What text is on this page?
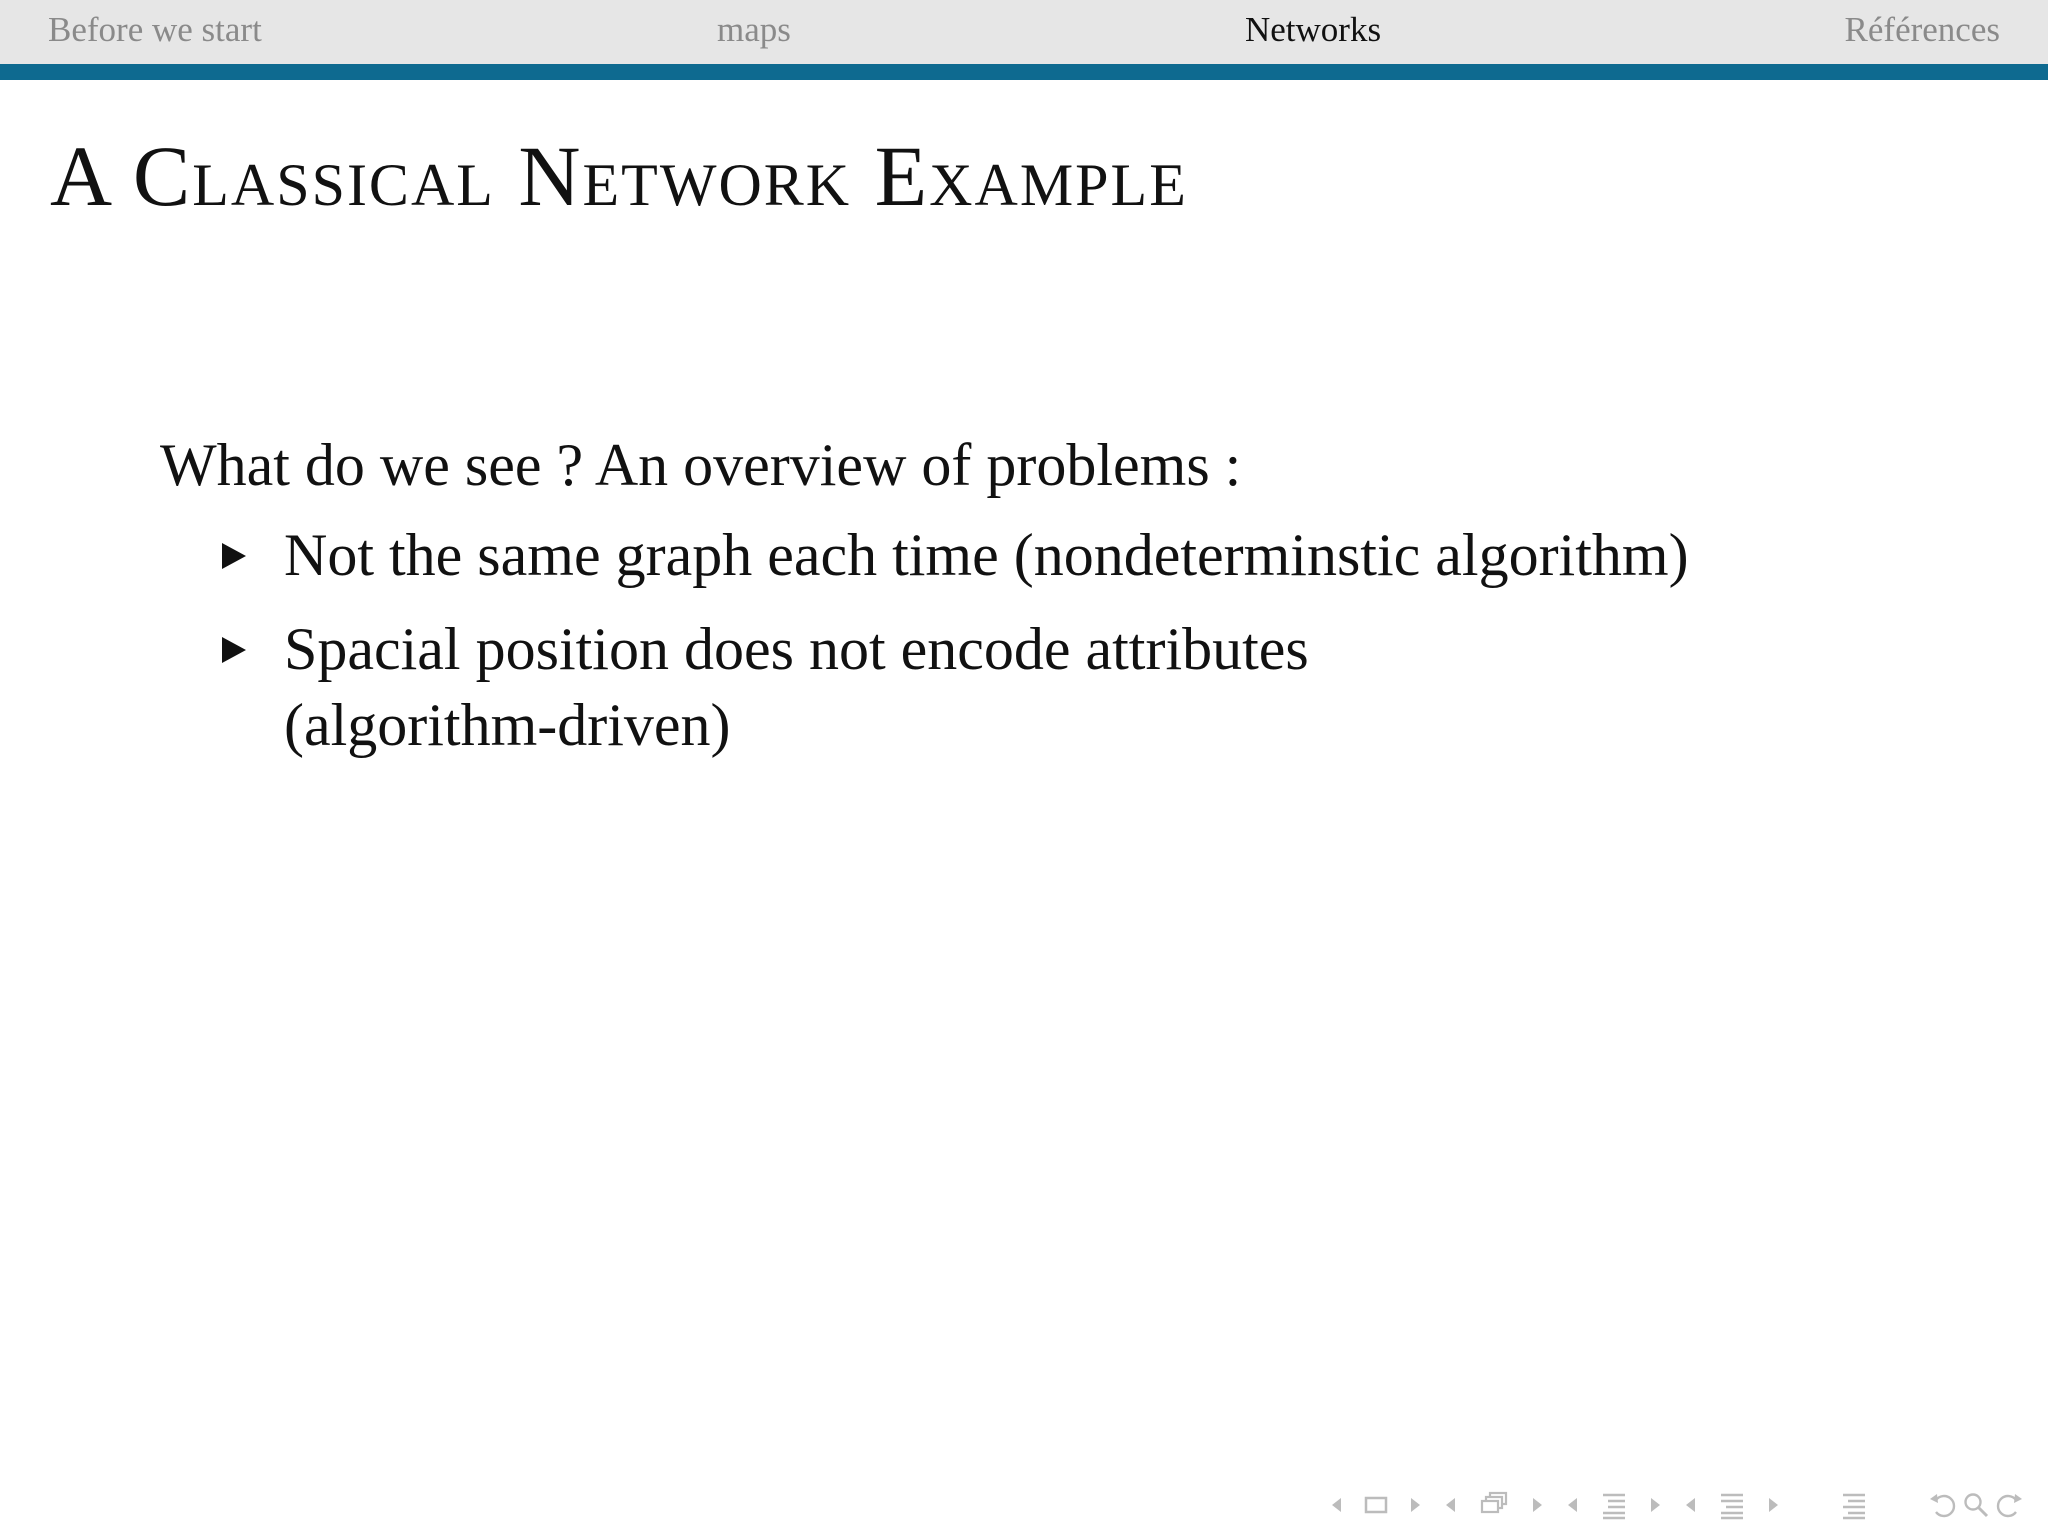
Before we start	maps	Networks	Références
A Classical Network Example
What do we see ? An overview of problems :
Not the same graph each time (nondeterminstic algorithm)
Spacial position does not encode attributes
(algorithm-driven)
